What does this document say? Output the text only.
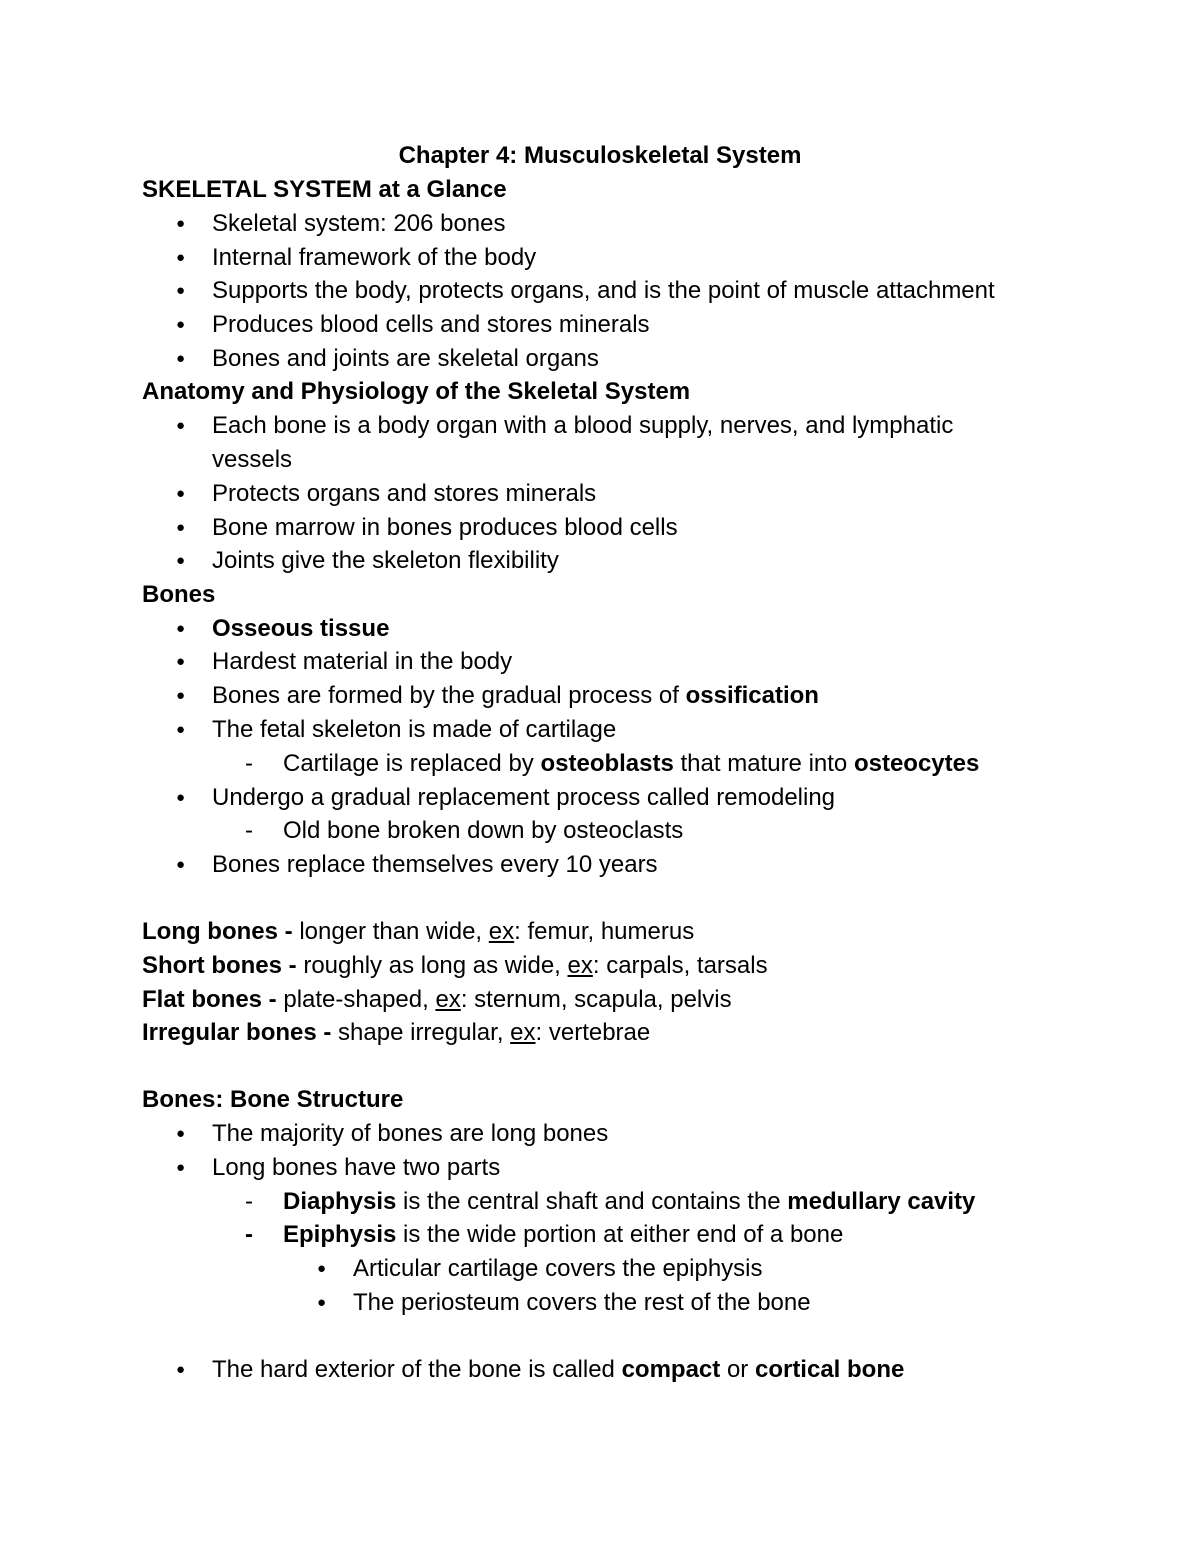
Chapter 4: Musculoskeletal System
SKELETAL SYSTEM at a Glance
● Skeletal system: 206 bones
● Internal framework of the body
● Supports the body, protects organs, and is the point of muscle attachment
● Produces blood cells and stores minerals
● Bones and joints are skeletal organs
Anatomy and Physiology of the Skeletal System
● Each bone is a body organ with a blood supply, nerves, and lymphatic
vessels
● Protects organs and stores minerals
● Bone marrow in bones produces blood cells
● Joints give the skeleton flexibility
Bones
● Osseous tissue
● Hardest material in the body
● Bones are formed by the gradual process of ossification
● The fetal skeleton is made of cartilage
- Cartilage is replaced by osteoblasts that mature into osteocytes
● Undergo a gradual replacement process called remodeling
- Old bone broken down by osteoclasts
● Bones replace themselves every 10 years
Long bones - longer than wide, ex: femur, humerus
Short bones - roughly as long as wide, ex: carpals, tarsals
Flat bones - plate-shaped, ex: sternum, scapula, pelvis
Irregular bones - shape irregular, ex: vertebrae
Bones: Bone Structure
● The majority of bones are long bones
● Long bones have two parts
- Diaphysis is the central shaft and contains the medullary cavity
- Epiphysis is the wide portion at either end of a bone
● Articular cartilage covers the epiphysis
● The periosteum covers the rest of the bone
● The hard exterior of the bone is called compact or cortical bone
